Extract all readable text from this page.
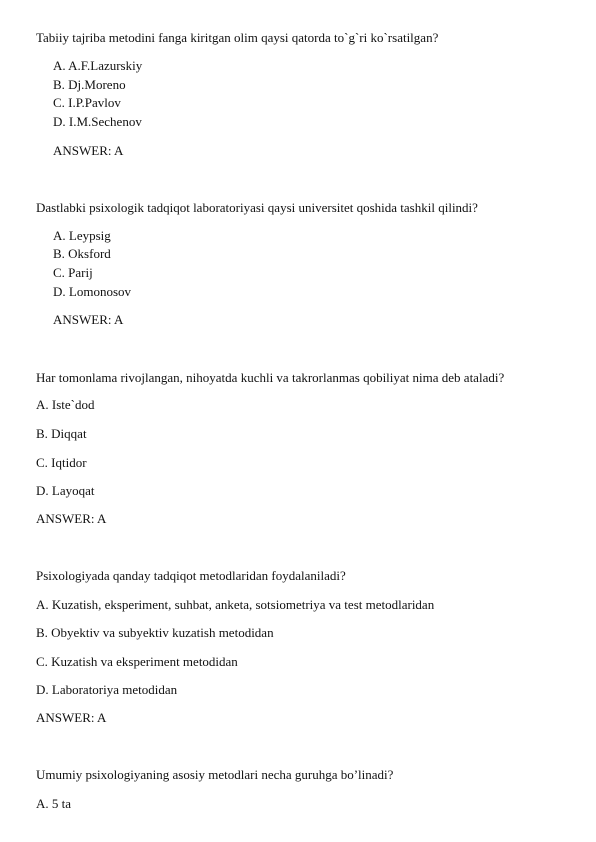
Tabiiy tajriba metodini fanga kiritgan olim qaysi qatorda to`g`ri ko`rsatilgan?
A. A.F.Lazurskiy
B. Dj.Moreno
C. I.P.Pavlov
D. I.M.Sechenov
ANSWER: A
Dastlabki psixologik tadqiqot laboratoriyasi qaysi universitet qoshida tashkil qilindi?
A. Leypsig
B. Oksford
C. Parij
D. Lomonosov
ANSWER: A
Har tomonlama rivojlangan, nihoyatda kuchli va takrorlanmas qobiliyat nima deb ataladi?
A. Iste`dod
B. Diqqat
C. Iqtidor
D. Layoqat
ANSWER: A
Psixologiyada qanday tadqiqot metodlaridan foydalaniladi?
A. Kuzatish, eksperiment, suhbat, anketa, sotsiometriya va test metodlaridan
B. Obyektiv va subyektiv kuzatish metodidan
C. Kuzatish va eksperiment metodidan
D. Laboratoriya metodidan
ANSWER: A
Umumiy psixologiyaning asosiy metodlari necha guruhga bo’linadi?
A. 5 ta
